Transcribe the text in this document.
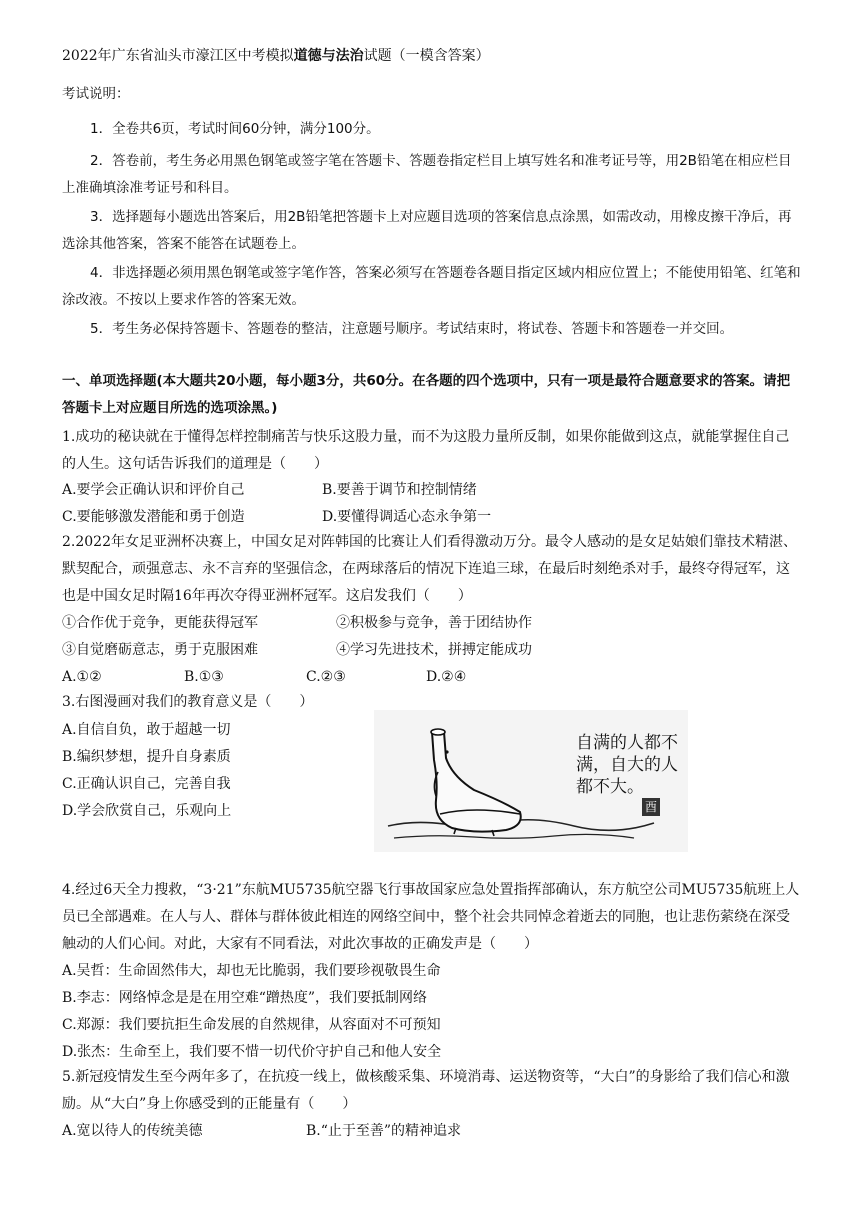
2022年广东省汕头市濠江区中考模拟道德与法治试题（一模含答案）
考试说明：
1．全卷共6页，考试时间60分钟，满分100分。
2．答卷前，考生务必用黑色钢笔或签字笔在答题卡、答题卷指定栏目上填写姓名和准考证号等，用2B铅笔在相应栏目上准确填涂准考证号和科目。
3．选择题每小题选出答案后，用2B铅笔把答题卡上对应题目选项的答案信息点涂黑，如需改动，用橡皮擦干净后，再选涂其他答案，答案不能答在试题卷上。
4．非选择题必须用黑色钢笔或签字笔作答，答案必须写在答题卷各题目指定区域内相应位置上；不能使用铅笔、红笔和涂改液。不按以上要求作答的答案无效。
5．考生务必保持答题卡、答题卷的整洁，注意题号顺序。考试结束时，将试卷、答题卡和答题卷一并交回。
一、单项选择题(本大题共20小题，每小题3分，共60分。在各题的四个选项中，只有一项是最符合题意要求的答案。请把答题卡上对应题目所选的选项涂黑。)
1.成功的秘诀就在于懂得怎样控制痛苦与快乐这股力量，而不为这股力量所反制，如果你能做到这点，就能掌握住自己的人生。这句话告诉我们的道理是（　　）
A.要学会正确认识和评价自己	B.要善于调节和控制情绪
C.要能够激发潜能和勇于创造	D.要懂得调适心态永争第一
2.2022年女足亚洲杯决赛上，中国女足对阵韩国的比赛让人们看得激动万分。最令人感动的是女足姑娘们靠技术精湛、默契配合，顽强意志、永不言弃的坚强信念，在两球落后的情况下连追三球，在最后时刻绝杀对手，最终夺得冠军，这也是中国女足时隔16年再次夺得亚洲杯冠军。这启发我们（　　）
①合作优于竞争，更能获得冠军	②积极参与竞争，善于团结协作
③自觉磨砺意志，勇于克服困难	④学习先进技术，拼搏定能成功
A.①②	B.①③	C.②③	D.②④
3.右图漫画对我们的教育意义是（　　）
A.自信自负，敢于超越一切
B.编织梦想，提升自身素质
C.正确认识自己，完善自我
D.学会欣赏自己，乐观向上
自满的人都不
满，自大的人
都不大。
酉
4.经过6天全力搜救，“3·21”东航MU5735航空器飞行事故国家应急处置指挥部确认，东方航空公司MU5735航班上人员已全部遇难。在人与人、群体与群体彼此相连的网络空间中，整个社会共同悼念着逝去的同胞，也让悲伤萦绕在深受触动的人们心间。对此，大家有不同看法，对此次事故的正确发声是（　　）
A.吴哲：生命固然伟大，却也无比脆弱，我们要珍视敬畏生命
B.李志：网络悼念是是在用空难“蹭热度”，我们要抵制网络
C.郑源：我们要抗拒生命发展的自然规律，从容面对不可预知
D.张杰：生命至上，我们要不惜一切代价守护自己和他人安全
5.新冠疫情发生至今两年多了，在抗疫一线上，做核酸采集、环境消毒、运送物资等，“大白”的身影给了我们信心和激励。从“大白”身上你感受到的正能量有（　　）
A.宽以待人的传统美德	B.“止于至善”的精神追求
